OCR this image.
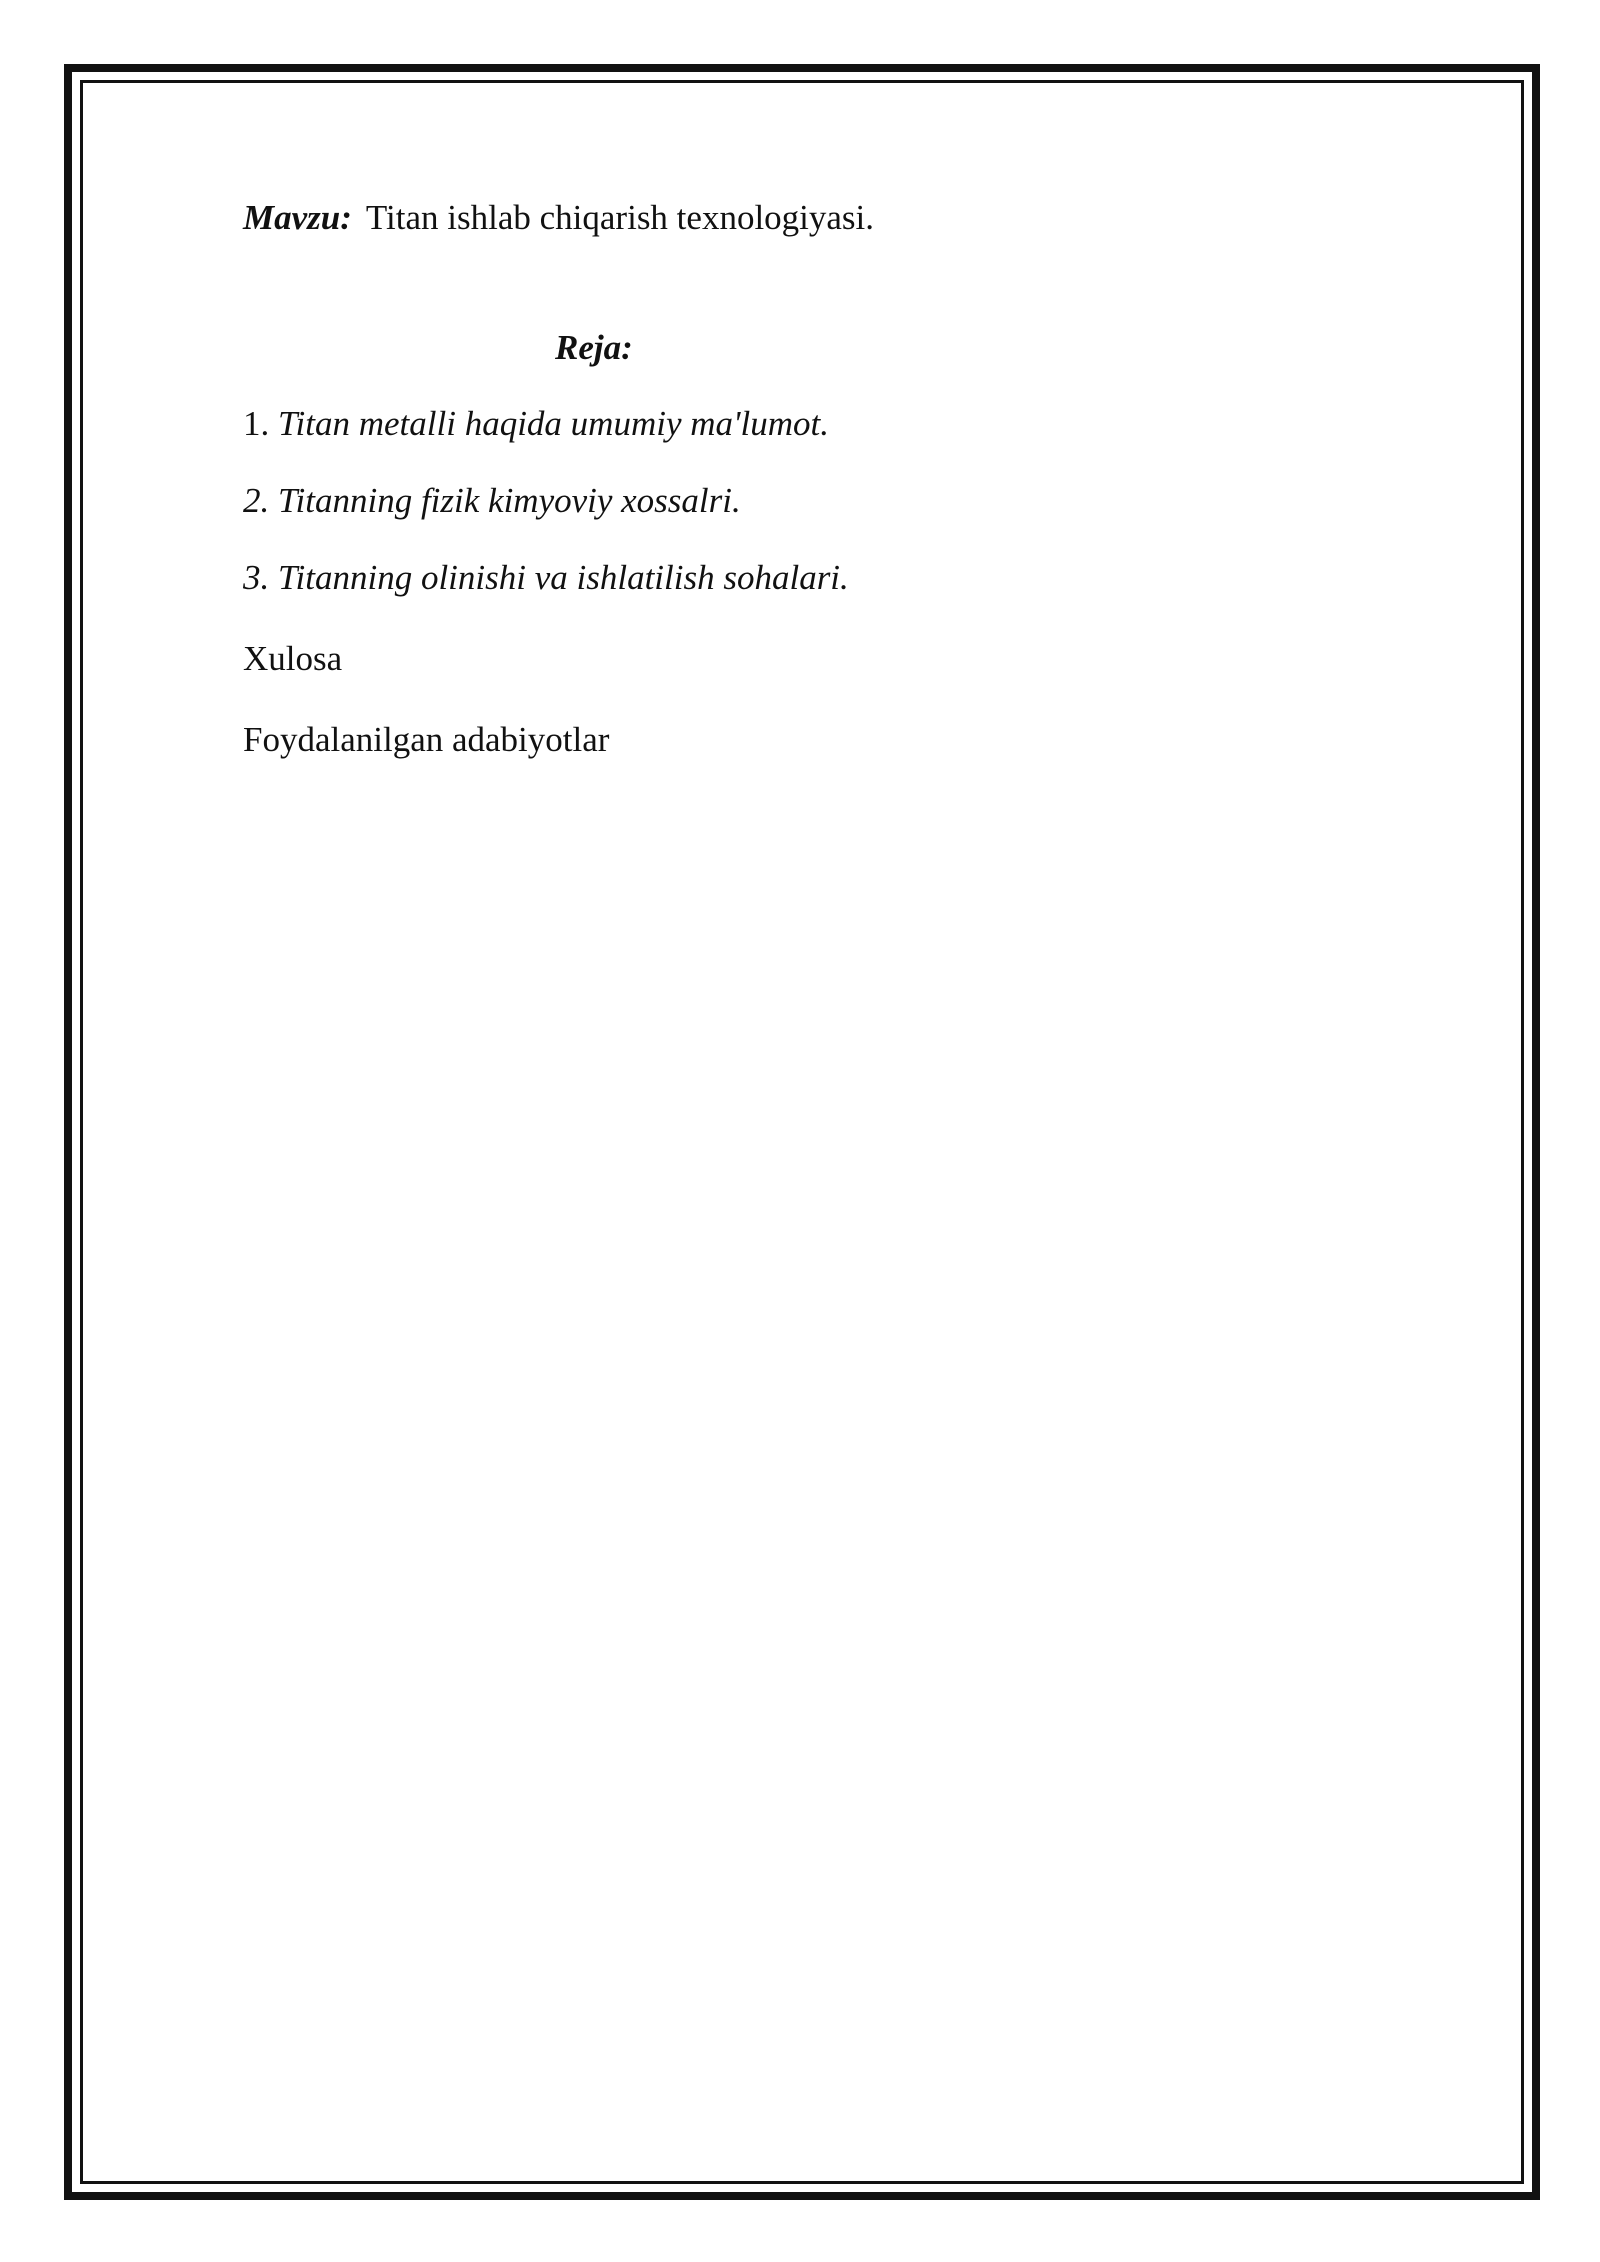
Mavzu: Titan ishlab chiqarish texnologiyasi.
Reja:
1. Titan metalli haqida umumiy ma'lumot.
2. Titanning fizik kimyoviy xossalri.
3. Titanning olinishi va ishlatilish sohalari.
Xulosa
Foydalanilgan adabiyotlar
